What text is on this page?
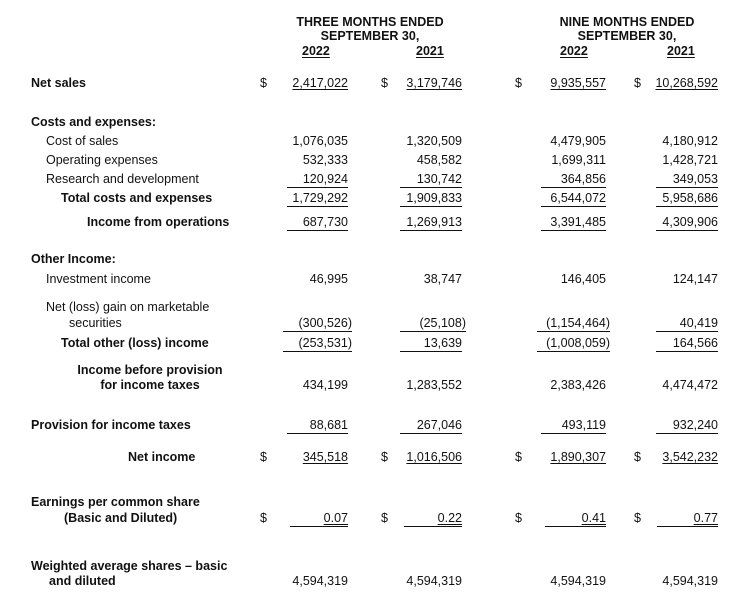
THREE MONTHS ENDED
SEPTEMBER 30,
2022	2021
NINE MONTHS ENDED
SEPTEMBER 30,
2022	2021
Net sales	$	2,417,022	$	3,179,746	$	9,935,557 $	10,268,592
Costs and expenses:
Cost of sales	1,076,035	1,320,509	4,479,905	4,180,912
Operating expenses	532,333	458,582	1,699,311	1,428,721
Research and development	120,924	130,742	364,856	349,053
Total costs and expenses	1,729,292	1,909,833	6,544,072	5,958,686
Income from operations	687,730	1,269,913	3,391,485	4,309,906
Other Income:
Investment income	46,995	38,747	146,405	124,147
Net (loss) gain on marketable
securities	(300,526)	(25,108)	(1,154,464)	40,419
Total other (loss) income	(253,531)	13,639	(1,008,059)	164,566
Income before provision
for income taxes	434,199	1,283,552	2,383,426	4,474,472
Provision for income taxes	88,681	267,046	493,119	932,240
Net income	$	345,518	$	1,016,506	$	1,890,307 $	3,542,232
Earnings per common share
(Basic and Diluted)	$	0.07	$	0.22	$	0.41 $	0.77
Weighted average shares – basic
and diluted	4,594,319	4,594,319	4,594,319	4,594,319
